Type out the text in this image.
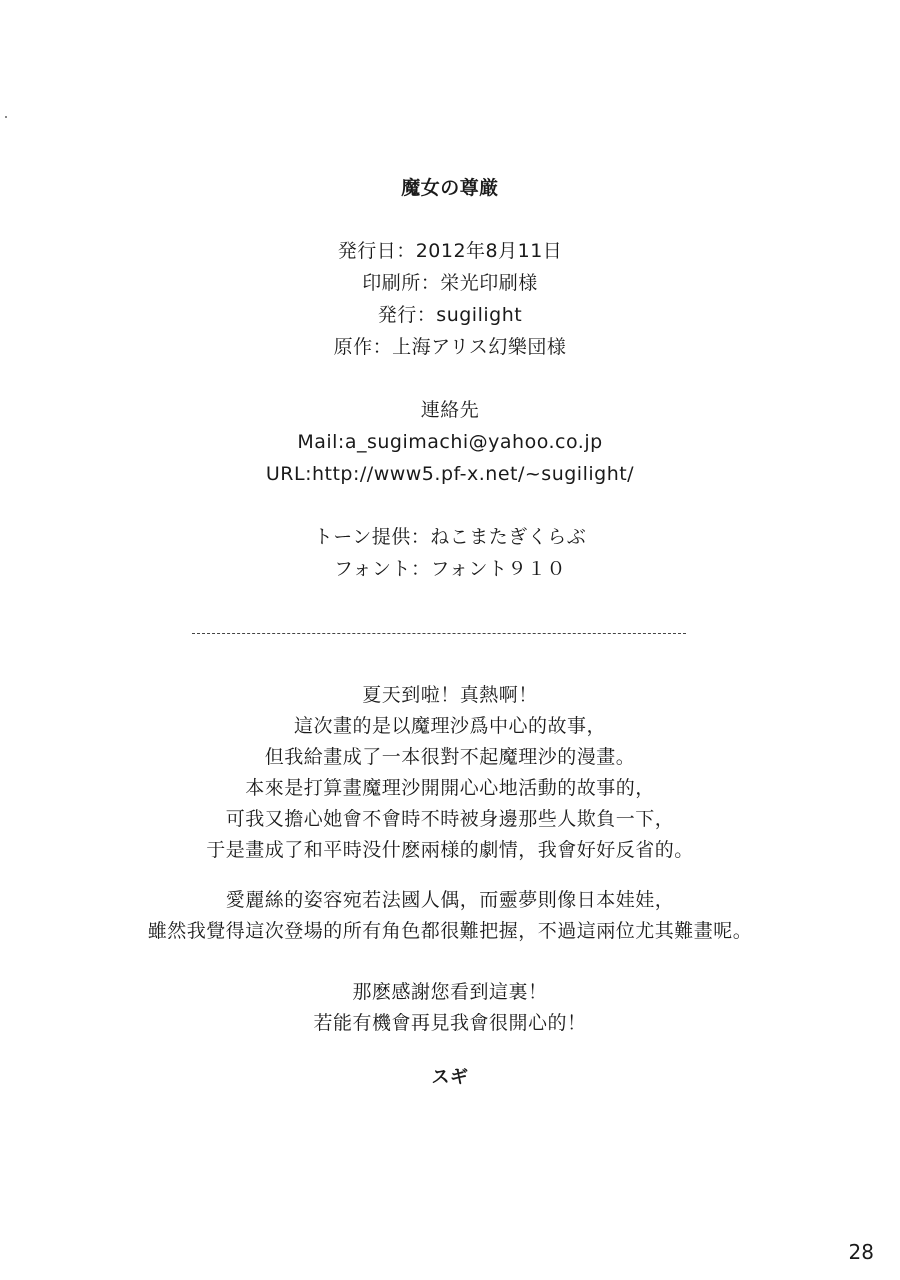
魔女の尊厳
発行日：2012年8月11日
印刷所：栄光印刷様
発行：sugilight
原作：上海アリス幻樂団様
連絡先
Mail:a_sugimachi@yahoo.co.jp
URL:http://www5.pf-x.net/~sugilight/
トーン提供：ねこまたぎくらぶ
フォント：フォント９１０
夏天到啦！真熱啊！
這次畫的是以魔理沙爲中心的故事，
但我給畫成了一本很對不起魔理沙的漫畫。
本來是打算畫魔理沙開開心心地活動的故事的，
可我又擔心她會不會時不時被身邊那些人欺負一下，
于是畫成了和平時没什麽兩様的劇情，我會好好反省的。
愛麗絲的姿容宛若法國人偶，而靈夢則像日本娃娃，
雖然我覺得這次登場的所有角色都很難把握，不過這兩位尤其難畫呢。
那麽感謝您看到這裏！
若能有機會再見我會很開心的！
スギ
28
